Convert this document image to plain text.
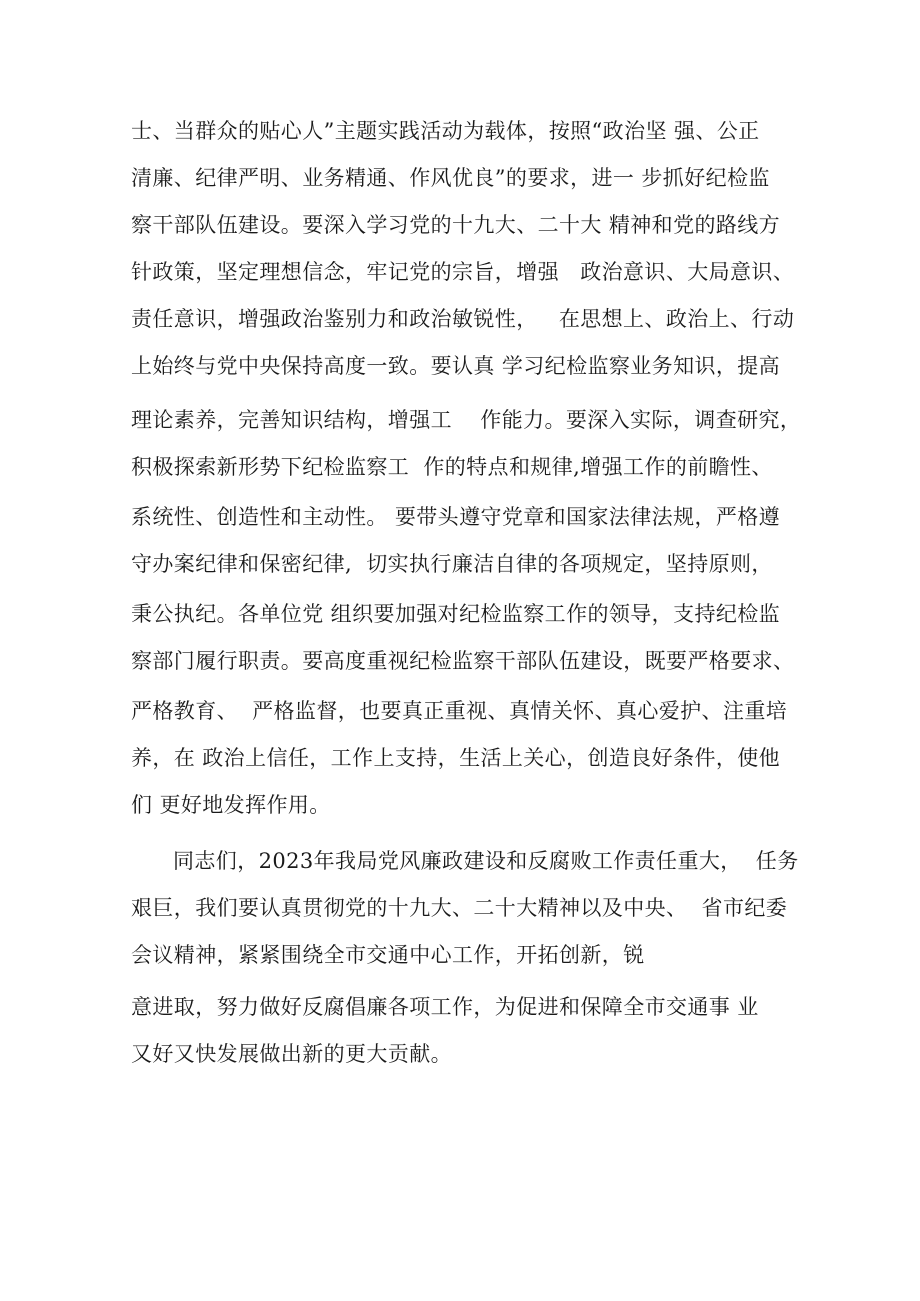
士、当群众的贴心人”主题实践活动为载体，按照“政治坚 强、公正
清廉、纪律严明、业务精通、作风优良”的要求，进一 步抓好纪检监
察干部队伍建设。要深入学习党的十九大、二十大 精神和党的路线方
针政策，坚定理想信念，牢记党的宗旨，增强   政治意识、大局意识、
责任意识，增强政治鉴别力和政治敏锐性，   在思想上、政治上、行动
上始终与党中央保持高度一致。要认真 学习纪检监察业务知识，提高
理论素养，完善知识结构，增强工    作能力。要深入实际，调查研究，
积极探索新形势下纪检监察工  作的特点和规律,增强工作的前瞻性、
系统性、创造性和主动性。 要带头遵守党章和国家法律法规，严格遵
守办案纪律和保密纪律,  切实执行廉洁自律的各项规定，坚持原则，
秉公执纪。各单位党 组织要加强对纪检监察工作的领导，支持纪检监
察部门履行职责。要高度重视纪检监察干部队伍建设，既要严格要求、
严格教育、  严格监督，也要真正重视、真情关怀、真心爱护、注重培
养，在 政治上信任，工作上支持，生活上关心，创造良好条件，使他
们 更好地发挥作用。
同志们，2023年我局党风廉政建设和反腐败工作责任重大，  任务
艰巨，我们要认真贯彻党的十九大、二十大精神以及中央、  省市纪委
会议精神，紧紧围绕全市交通中心工作，开拓创新，锐
意进取，努力做好反腐倡廉各项工作，为促进和保障全市交通事 业
又好又快发展做出新的更大贡献。
